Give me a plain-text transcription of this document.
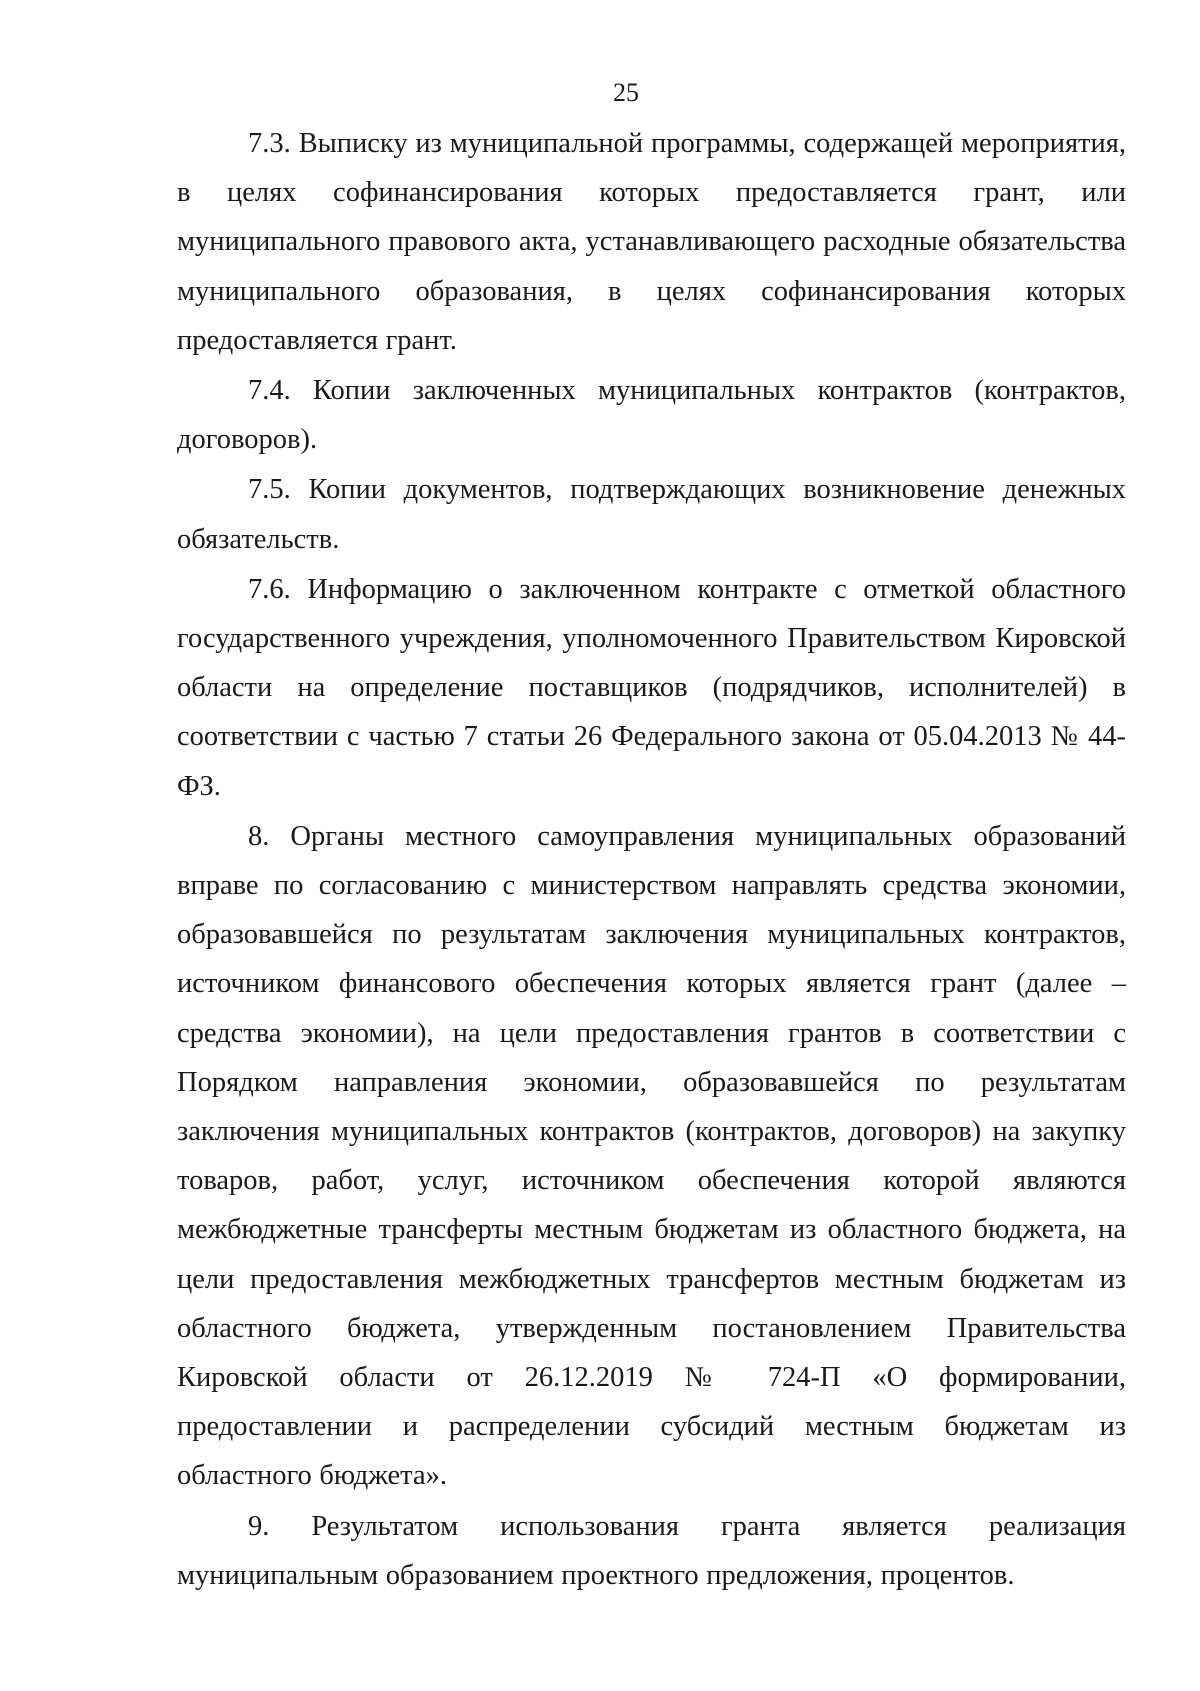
25

7.3. Выписку из муниципальной программы, содержащей мероприятия, в целях софинансирования которых предоставляется грант, или муниципального правового акта, устанавливающего расходные обязательства муниципального образования, в целях софинансирования которых предоставляется грант.

7.4. Копии заключенных муниципальных контрактов (контрактов, договоров).

7.5. Копии документов, подтверждающих возникновение денежных обязательств.

7.6. Информацию о заключенном контракте с отметкой областного государственного учреждения, уполномоченного Правительством Кировской области на определение поставщиков (подрядчиков, исполнителей) в соответствии с частью 7 статьи 26 Федерального закона от 05.04.2013 № 44-ФЗ.

8. Органы местного самоуправления муниципальных образований вправе по согласованию с министерством направлять средства экономии, образовавшейся по результатам заключения муниципальных контрактов, источником финансового обеспечения которых является грант (далее – средства экономии), на цели предоставления грантов в соответствии с Порядком направления экономии, образовавшейся по результатам заключения муниципальных контрактов (контрактов, договоров) на закупку товаров, работ, услуг, источником обеспечения которой являются межбюджетные трансферты местным бюджетам из областного бюджета, на цели предоставления межбюджетных трансфертов местным бюджетам из областного бюджета, утвержденным постановлением Правительства Кировской области от 26.12.2019 № 724-П «О формировании, предоставлении и распределении субсидий местным бюджетам из областного бюджета».

9. Результатом использования гранта является реализация муниципальным образованием проектного предложения, процентов.
